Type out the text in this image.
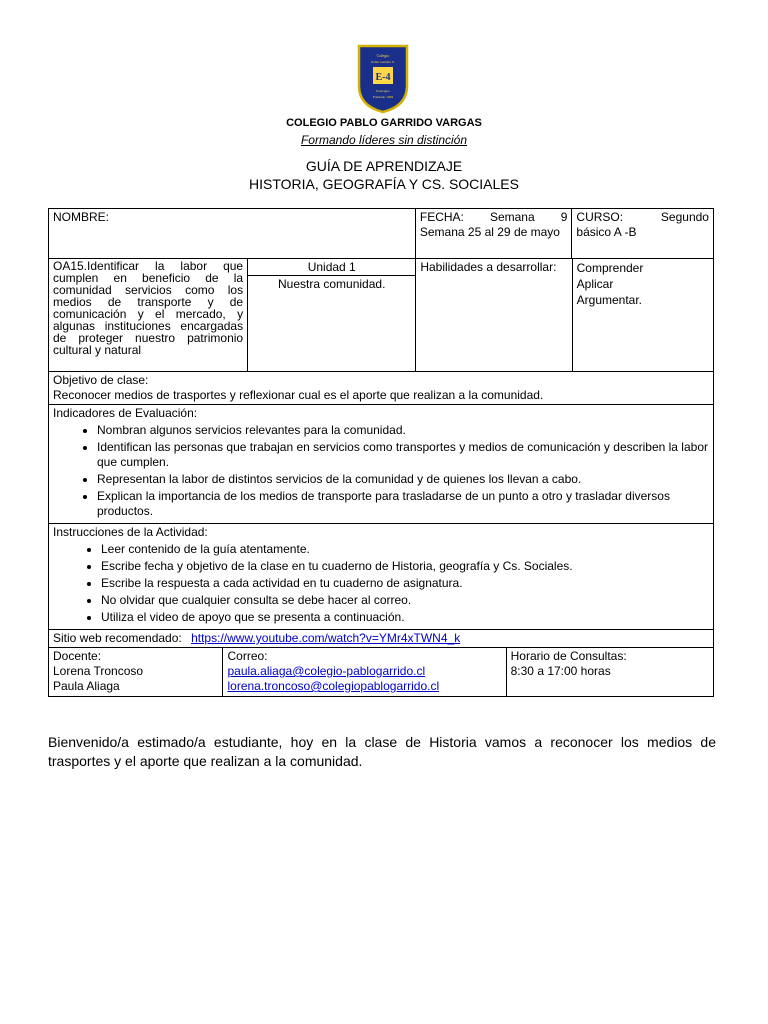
Colegio
Pablo Garrido V.
E-4
Pencagua
Fundado 1949
COLEGIO PABLO GARRIDO VARGAS
Formando líderes sin distinción
GUÍA DE APRENDIZAJE
HISTORIA, GEOGRAFÍA Y CS. SOCIALES
NOMBRE:	FECHA: Semana 9 Semana 25 al 29 de mayo
CURSO: Segundo básico A -B
OA15.Identificar la labor que cumplen en beneficio de la comunidad servicios como los medios de transporte y de comunicación y el mercado, y algunas instituciones encargadas de proteger nuestro patrimonio cultural y natural
Unidad 1
Nuestra comunidad.
Habilidades a desarrollar:	Comprender
Aplicar
Argumentar.
Objetivo de clase:
Reconocer medios de trasportes y reflexionar cual es el aporte que realizan a la comunidad.
Indicadores de Evaluación:
• Nombran algunos servicios relevantes para la comunidad.
• Identifican las personas que trabajan en servicios como transportes y medios de comunicación y describen la labor que cumplen.
• Representan la labor de distintos servicios de la comunidad y de quienes los llevan a cabo.
• Explican la importancia de los medios de transporte para trasladarse de un punto a otro y trasladar diversos productos.
Instrucciones de la Actividad:
• Leer contenido de la guía atentamente.
• Escribe fecha y objetivo de la clase en tu cuaderno de Historia, geografía y Cs. Sociales.
• Escribe la respuesta a cada actividad en tu cuaderno de asignatura.
• No olvidar que cualquier consulta se debe hacer al correo.
• Utiliza el video de apoyo que se presenta a continuación.
Sitio web recomendado: https://www.youtube.com/watch?v=YMr4xTWN4_k
Docente:
Lorena Troncoso
Paula Aliaga
Correo:
paula.aliaga@colegio-pablogarrido.cl
lorena.troncoso@colegiopablogarrido.cl
Horario de Consultas:
8:30 a 17:00 horas
Bienvenido/a estimado/a estudiante, hoy en la clase de Historia vamos a reconocer los medios de trasportes y el aporte que realizan a la comunidad.
